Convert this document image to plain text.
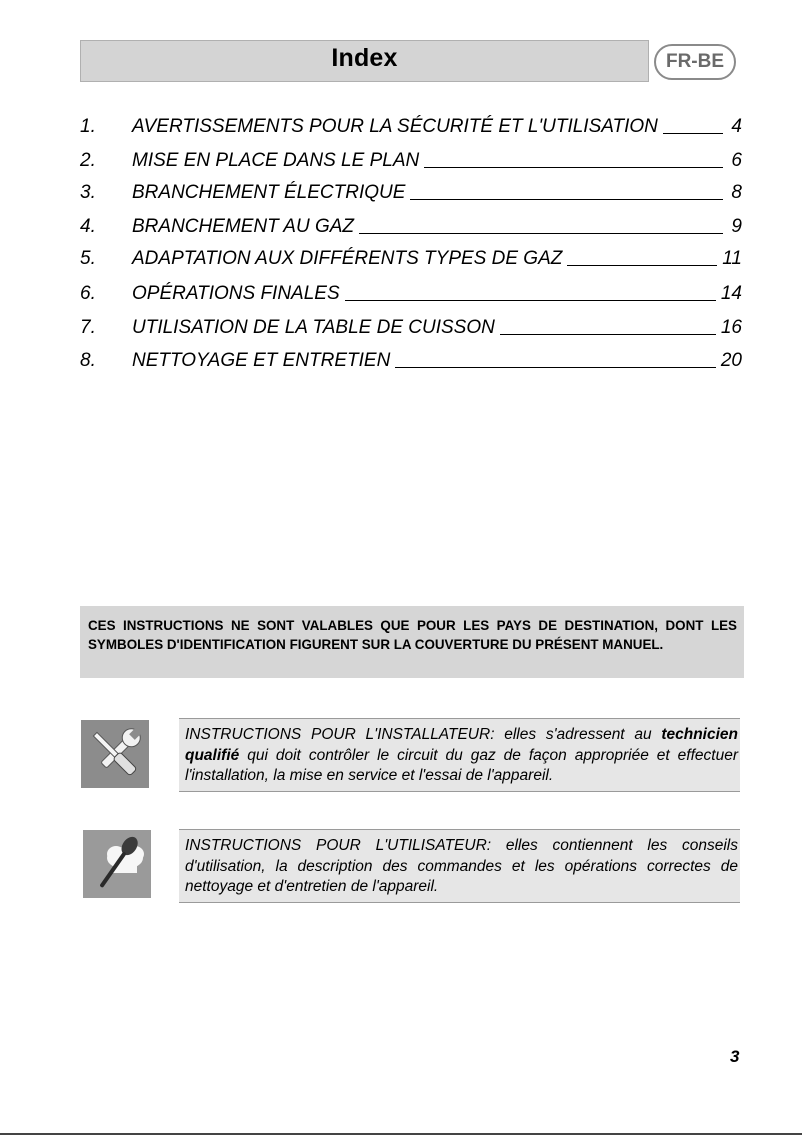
Index	FR-BE
1.	AVERTISSEMENTS POUR LA SÉCURITÉ ET L'UTILISATION	4
2.	MISE EN PLACE DANS LE PLAN	6
3.	BRANCHEMENT ÉLECTRIQUE	8
4.	BRANCHEMENT AU GAZ	9
5.	ADAPTATION AUX DIFFÉRENTS TYPES DE GAZ	11
6.	OPÉRATIONS FINALES	14
7.	UTILISATION DE LA TABLE DE CUISSON	16
8.	NETTOYAGE ET ENTRETIEN	20
CES INSTRUCTIONS NE SONT VALABLES QUE POUR LES PAYS DE DESTINATION, DONT LES SYMBOLES D'IDENTIFICATION FIGURENT SUR LA COUVERTURE DU PRÉSENT MANUEL.
INSTRUCTIONS POUR L'INSTALLATEUR: elles s'adressent au technicien qualifié qui doit contrôler le circuit du gaz de façon appropriée et effectuer l'installation, la mise en service et l'essai de l'appareil.
INSTRUCTIONS POUR L'UTILISATEUR: elles contiennent les conseils d'utilisation, la description des commandes et les opérations correctes de nettoyage et d'entretien de l'appareil.
3
